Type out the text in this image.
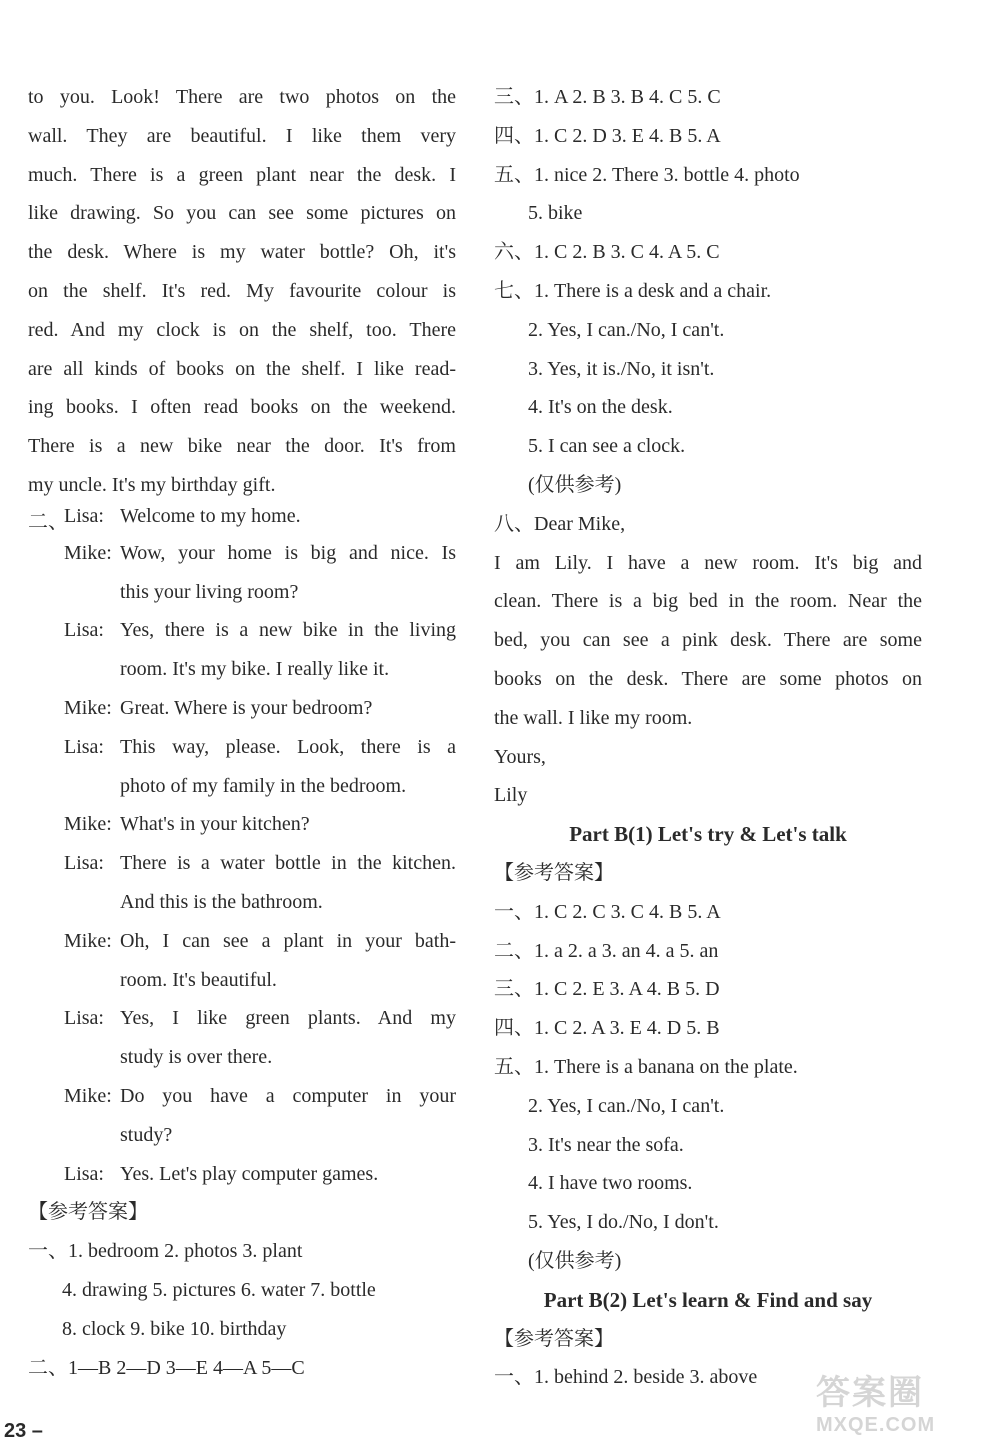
to you. Look! There are two photos on the
wall. They are beautiful. I like them very
much. There is a green plant near the desk. I
like drawing. So you can see some pictures on
the desk. Where is my water bottle? Oh, it's
on the shelf. It's red. My favourite colour is
red. And my clock is on the shelf, too. There
are all kinds of books on the shelf. I like read-
ing books. I often read books on the weekend.
There is a new bike near the door. It's from
my uncle. It's my birthday gift.
二、
Lisa: Welcome to my home.
Mike: Wow, your home is big and nice. Is
this your living room?
Lisa: Yes, there is a new bike in the living
room. It's my bike. I really like it.
Mike: Great. Where is your bedroom?
Lisa: This way, please. Look, there is a
photo of my family in the bedroom.
Mike: What's in your kitchen?
Lisa: There is a water bottle in the kitchen.
And this is the bathroom.
Mike: Oh, I can see a plant in your bath-
room. It's beautiful.
Lisa: Yes, I like green plants. And my
study is over there.
Mike: Do you have a computer in your
study?
Lisa: Yes. Let's play computer games.
【参考答案】
一、1. bedroom 2. photos 3. plant
4. drawing 5. pictures 6. water 7. bottle
8. clock 9. bike 10. birthday
二、1—B 2—D 3—E 4—A 5—C
三、1. A 2. B 3. B 4. C 5. C
四、1. C 2. D 3. E 4. B 5. A
五、1. nice 2. There 3. bottle 4. photo
5. bike
六、1. C 2. B 3. C 4. A 5. C
七、1. There is a desk and a chair.
2. Yes, I can./No, I can't.
3. Yes, it is./No, it isn't.
4. It's on the desk.
5. I can see a clock.
(仅供参考)
八、Dear Mike,
I am Lily. I have a new room. It's big and
clean. There is a big bed in the room. Near the
bed, you can see a pink desk. There are some
books on the desk. There are some photos on
the wall. I like my room.
Yours,
Lily
Part B(1) Let's try & Let's talk
【参考答案】
一、1. C 2. C 3. C 4. B 5. A
二、1. a 2. a 3. an 4. a 5. an
三、1. C 2. E 3. A 4. B 5. D
四、1. C 2. A 3. E 4. D 5. B
五、1. There is a banana on the plate.
2. Yes, I can./No, I can't.
3. It's near the sofa.
4. I have two rooms.
5. Yes, I do./No, I don't.
(仅供参考)
Part B(2) Let's learn & Find and say
【参考答案】
一、1. behind 2. beside 3. above
23 –
答案圈
MXQE.COM
